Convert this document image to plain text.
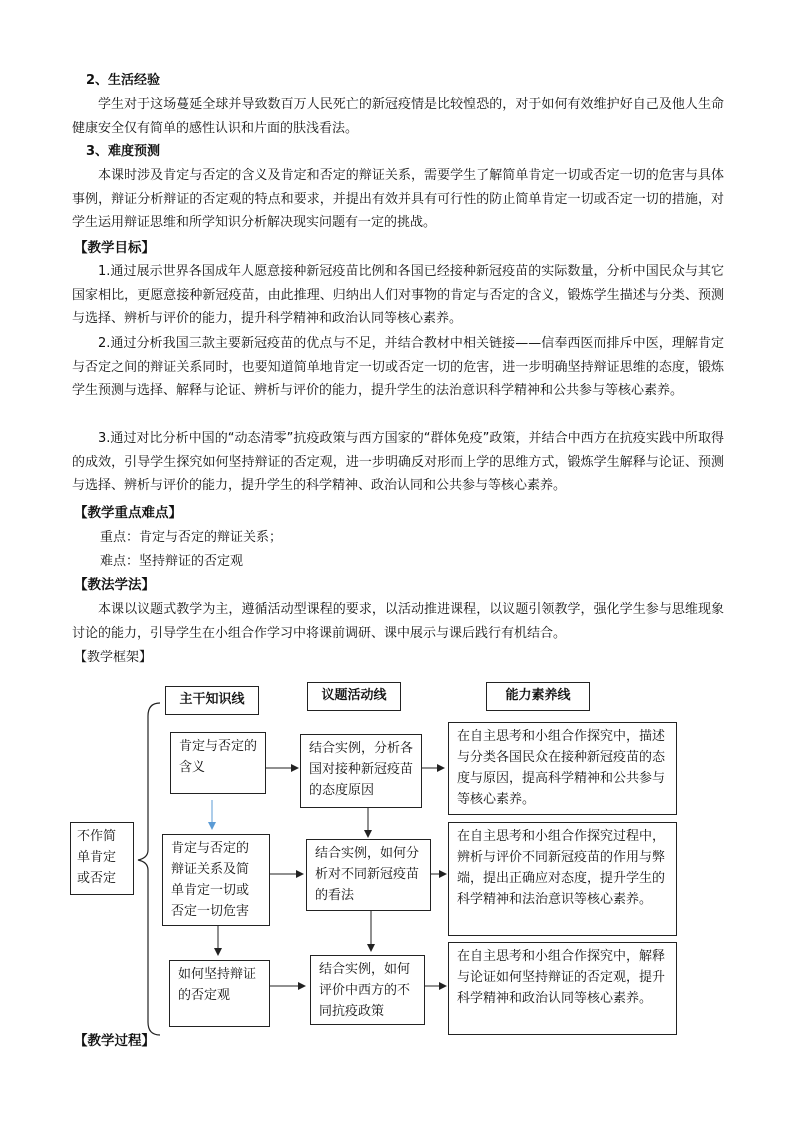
2、生活经验
学生对于这场蔓延全球并导致数百万人民死亡的新冠疫情是比较惶恐的，对于如何有效维护好自己及他人生命健康安全仅有简单的感性认识和片面的肤浅看法。
3、难度预测
本课时涉及肯定与否定的含义及肯定和否定的辩证关系，需要学生了解简单肯定一切或否定一切的危害与具体事例，辩证分析辩证的否定观的特点和要求，并提出有效并具有可行性的防止简单肯定一切或否定一切的措施，对学生运用辩证思维和所学知识分析解决现实问题有一定的挑战。
【教学目标】
1.通过展示世界各国成年人愿意接种新冠疫苗比例和各国已经接种新冠疫苗的实际数量，分析中国民众与其它国家相比，更愿意接种新冠疫苗，由此推理、归纳出人们对事物的肯定与否定的含义，锻炼学生描述与分类、预测与选择、辨析与评价的能力，提升科学精神和政治认同等核心素养。
2.通过分析我国三款主要新冠疫苗的优点与不足，并结合教材中相关链接——信奉西医而排斥中医，理解肯定与否定之间的辩证关系同时，也要知道简单地肯定一切或否定一切的危害，进一步明确坚持辩证思维的态度，锻炼学生预测与选择、解释与论证、辨析与评价的能力，提升学生的法治意识科学精神和公共参与等核心素养。
3.通过对比分析中国的“动态清零”抗疫政策与西方国家的“群体免疫”政策，并结合中西方在抗疫实践中所取得的成效，引导学生探究如何坚持辩证的否定观，进一步明确反对形而上学的思维方式，锻炼学生解释与论证、预测与选择、辨析与评价的能力，提升学生的科学精神、政治认同和公共参与等核心素养。
【教学重点难点】
重点：肯定与否定的辩证关系；
难点：坚持辩证的否定观
【教法学法】
本课以议题式教学为主，遵循活动型课程的要求，以活动推进课程，以议题引领教学，强化学生参与思维现象讨论的能力，引导学生在小组合作学习中将课前调研、课中展示与课后践行有机结合。
【教学框架】
主干知识线	议题活动线	能力素养线
不作简单肯定或否定
肯定与否定的含义
肯定与否定的辩证关系及简单肯定一切或否定一切危害
如何坚持辩证的否定观
结合实例，分析各国对接种新冠疫苗的态度原因
结合实例，如何分析对不同新冠疫苗的看法
结合实例，如何评价中西方的不同抗疫政策
在自主思考和小组合作探究中，描述与分类各国民众在接种新冠疫苗的态度与原因，提高科学精神和公共参与等核心素养。
在自主思考和小组合作探究过程中，辨析与评价不同新冠疫苗的作用与弊端，提出正确应对态度，提升学生的科学精神和法治意识等核心素养。
在自主思考和小组合作探究中，解释与论证如何坚持辩证的否定观，提升科学精神和政治认同等核心素养。
【教学过程】
